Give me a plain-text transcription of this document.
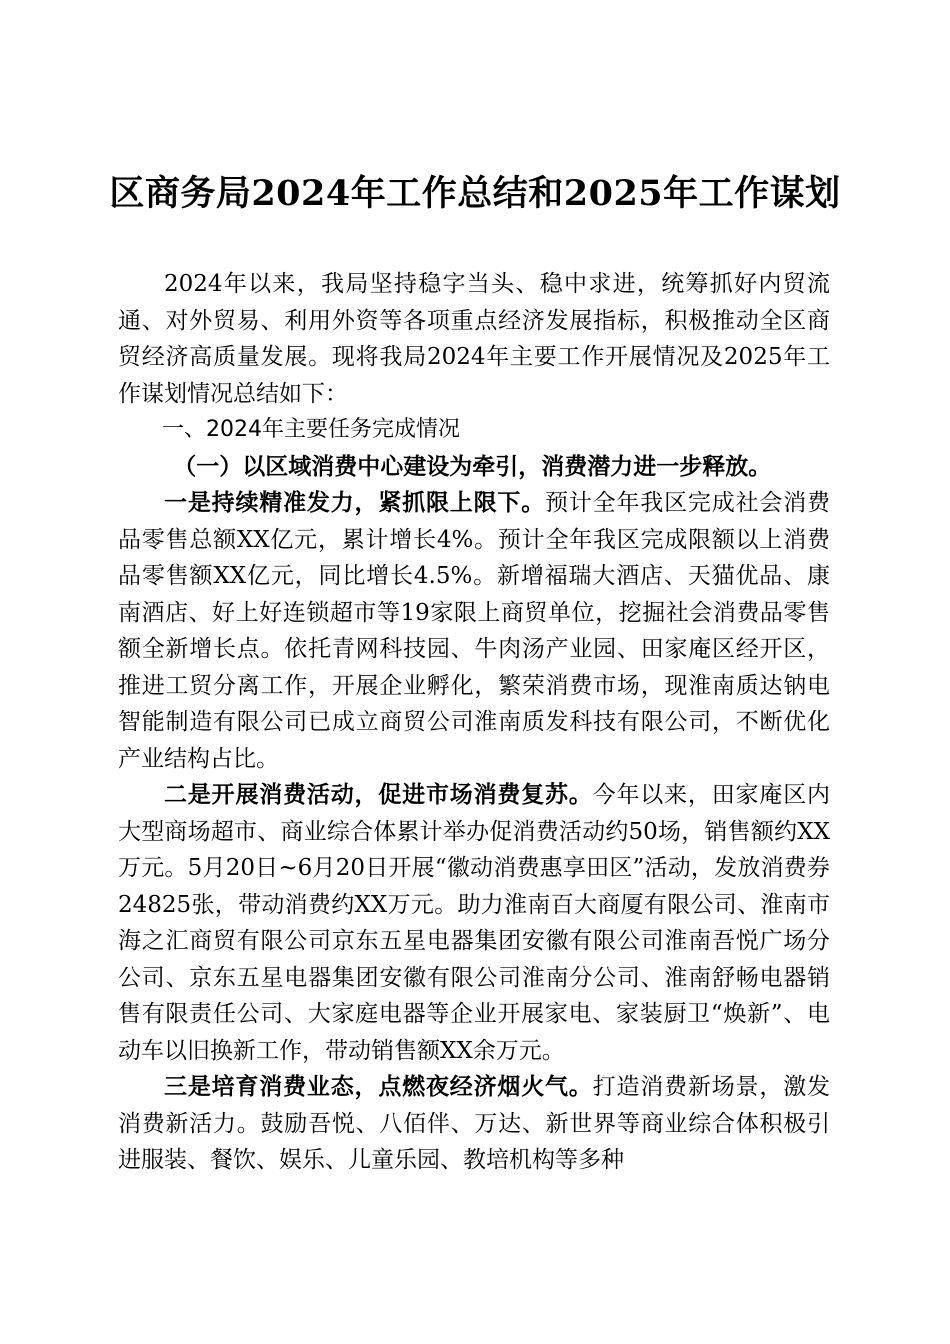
区商务局2024年工作总结和2025年工作谋划

2024年以来，我局坚持稳字当头、稳中求进，统筹抓好内贸流通、对外贸易、利用外资等各项重点经济发展指标，积极推动全区商贸经济高质量发展。现将我局2024年主要工作开展情况及2025年工作谋划情况总结如下：

一、2024年主要任务完成情况

（一）以区域消费中心建设为牵引，消费潜力进一步释放。

一是持续精准发力，紧抓限上限下。预计全年我区完成社会消费品零售总额XX亿元，累计增长4%。预计全年我区完成限额以上消费品零售额XX亿元，同比增长4.5%。新增福瑞大酒店、天猫优品、康南酒店、好上好连锁超市等19家限上商贸单位，挖掘社会消费品零售额全新增长点。依托青网科技园、牛肉汤产业园、田家庵区经开区，推进工贸分离工作，开展企业孵化，繁荣消费市场，现淮南质达钠电智能制造有限公司已成立商贸公司淮南质发科技有限公司，不断优化产业结构占比。

二是开展消费活动，促进市场消费复苏。今年以来，田家庵区内大型商场超市、商业综合体累计举办促消费活动约50场，销售额约XX万元。5月20日~6月20日开展“徽动消费惠享田区”活动，发放消费券24825张，带动消费约XX万元。助力淮南百大商厦有限公司、淮南市海之汇商贸有限公司京东五星电器集团安徽有限公司淮南吾悦广场分公司、京东五星电器集团安徽有限公司淮南分公司、淮南舒畅电器销售有限责任公司、大家庭电器等企业开展家电、家装厨卫“焕新”、电动车以旧换新工作，带动销售额XX余万元。

三是培育消费业态，点燃夜经济烟火气。打造消费新场景，激发消费新活力。鼓励吾悦、八佰伴、万达、新世界等商业综合体积极引进服装、餐饮、娱乐、儿童乐园、教培机构等多种
